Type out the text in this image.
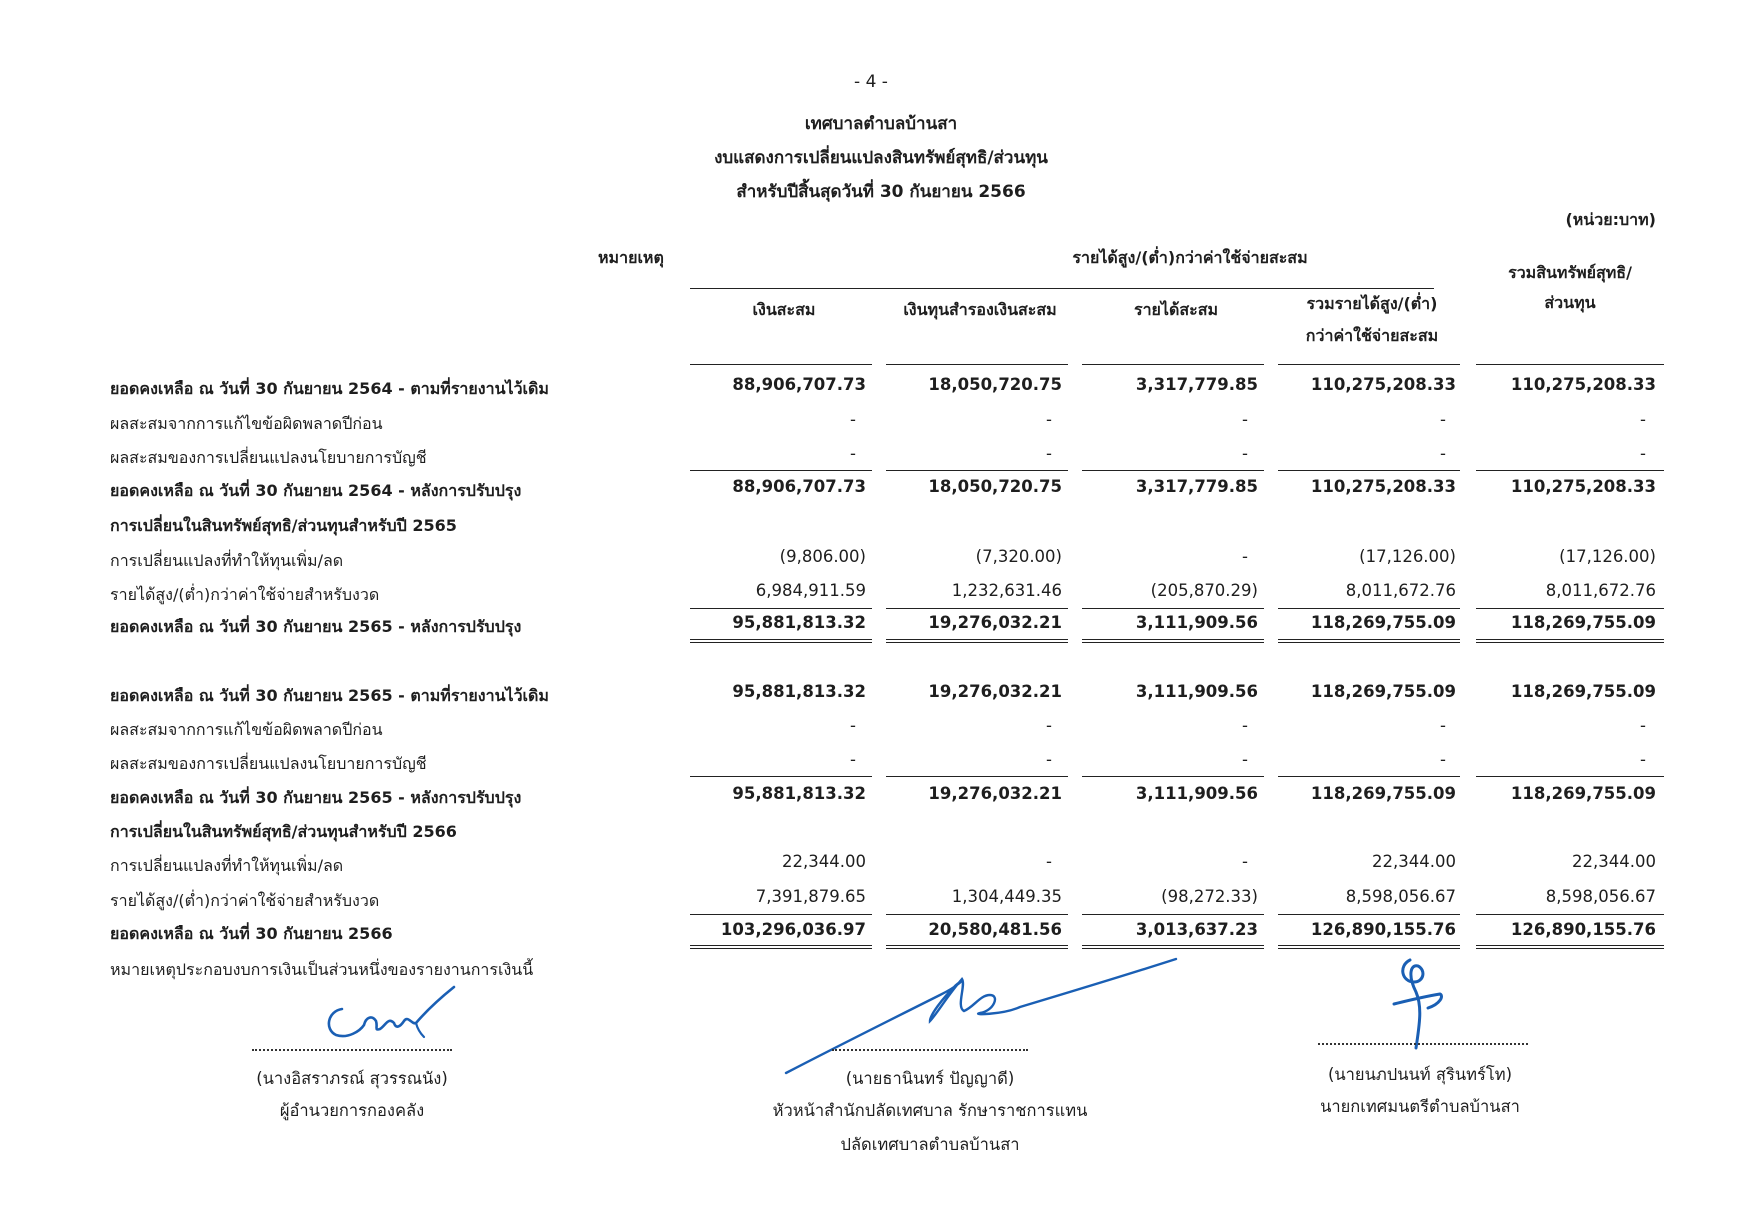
- 4 -
เทศบาลตำบลบ้านสา
งบแสดงการเปลี่ยนแปลงสินทรัพย์สุทธิ/ส่วนทุน
สำหรับปีสิ้นสุดวันที่ 30 กันยายน 2566
(หน่วย:บาท)
หมายเหตุ	รายได้สูง/(ต่ำ)กว่าค่าใช้จ่ายสะสม
รวมสินทรัพย์สุทธิ/
ส่วนทุน
เงินสะสม	เงินทุนสำรองเงินสะสม	รายได้สะสม	รวมรายได้สูง/(ต่ำ)
กว่าค่าใช้จ่ายสะสม
ยอดคงเหลือ ณ วันที่ 30 กันยายน 2564 - ตามที่รายงานไว้เดิม	88,906,707.73	18,050,720.75	3,317,779.85	110,275,208.33	110,275,208.33
ผลสะสมจากการแก้ไขข้อผิดพลาดปีก่อน	-	-	-	-	-
ผลสะสมของการเปลี่ยนแปลงนโยบายการบัญชี	-	-	-	-	-
ยอดคงเหลือ ณ วันที่ 30 กันยายน 2564 - หลังการปรับปรุง	88,906,707.73	18,050,720.75	3,317,779.85	110,275,208.33	110,275,208.33
การเปลี่ยนในสินทรัพย์สุทธิ/ส่วนทุนสำหรับปี 2565
การเปลี่ยนแปลงที่ทำให้ทุนเพิ่ม/ลด	(9,806.00)	(7,320.00)	-	(17,126.00)	(17,126.00)
รายได้สูง/(ต่ำ)กว่าค่าใช้จ่ายสำหรับงวด	6,984,911.59	1,232,631.46	(205,870.29)	8,011,672.76	8,011,672.76
ยอดคงเหลือ ณ วันที่ 30 กันยายน 2565 - หลังการปรับปรุง	95,881,813.32	19,276,032.21	3,111,909.56	118,269,755.09	118,269,755.09
ยอดคงเหลือ ณ วันที่ 30 กันยายน 2565 - ตามที่รายงานไว้เดิม	95,881,813.32	19,276,032.21	3,111,909.56	118,269,755.09	118,269,755.09
ผลสะสมจากการแก้ไขข้อผิดพลาดปีก่อน	-	-	-	-	-
ผลสะสมของการเปลี่ยนแปลงนโยบายการบัญชี	-	-	-	-	-
ยอดคงเหลือ ณ วันที่ 30 กันยายน 2565 - หลังการปรับปรุง	95,881,813.32	19,276,032.21	3,111,909.56	118,269,755.09	118,269,755.09
การเปลี่ยนในสินทรัพย์สุทธิ/ส่วนทุนสำหรับปี 2566
การเปลี่ยนแปลงที่ทำให้ทุนเพิ่ม/ลด	22,344.00	-	-	22,344.00	22,344.00
รายได้สูง/(ต่ำ)กว่าค่าใช้จ่ายสำหรับงวด	7,391,879.65	1,304,449.35	(98,272.33)	8,598,056.67	8,598,056.67
ยอดคงเหลือ ณ วันที่ 30 กันยายน 2566	103,296,036.97	20,580,481.56	3,013,637.23	126,890,155.76	126,890,155.76
หมายเหตุประกอบงบการเงินเป็นส่วนหนึ่งของรายงานการเงินนี้
(นางอิสราภรณ์ สุวรรณนัง)
ผู้อำนวยการกองคลัง
(นายธานินทร์ ปัญญาดี)
หัวหน้าสำนักปลัดเทศบาล รักษาราชการแทน
ปลัดเทศบาลตำบลบ้านสา
(นายนภปนนท์ สุรินทร์โท)
นายกเทศมนตรีตำบลบ้านสา
